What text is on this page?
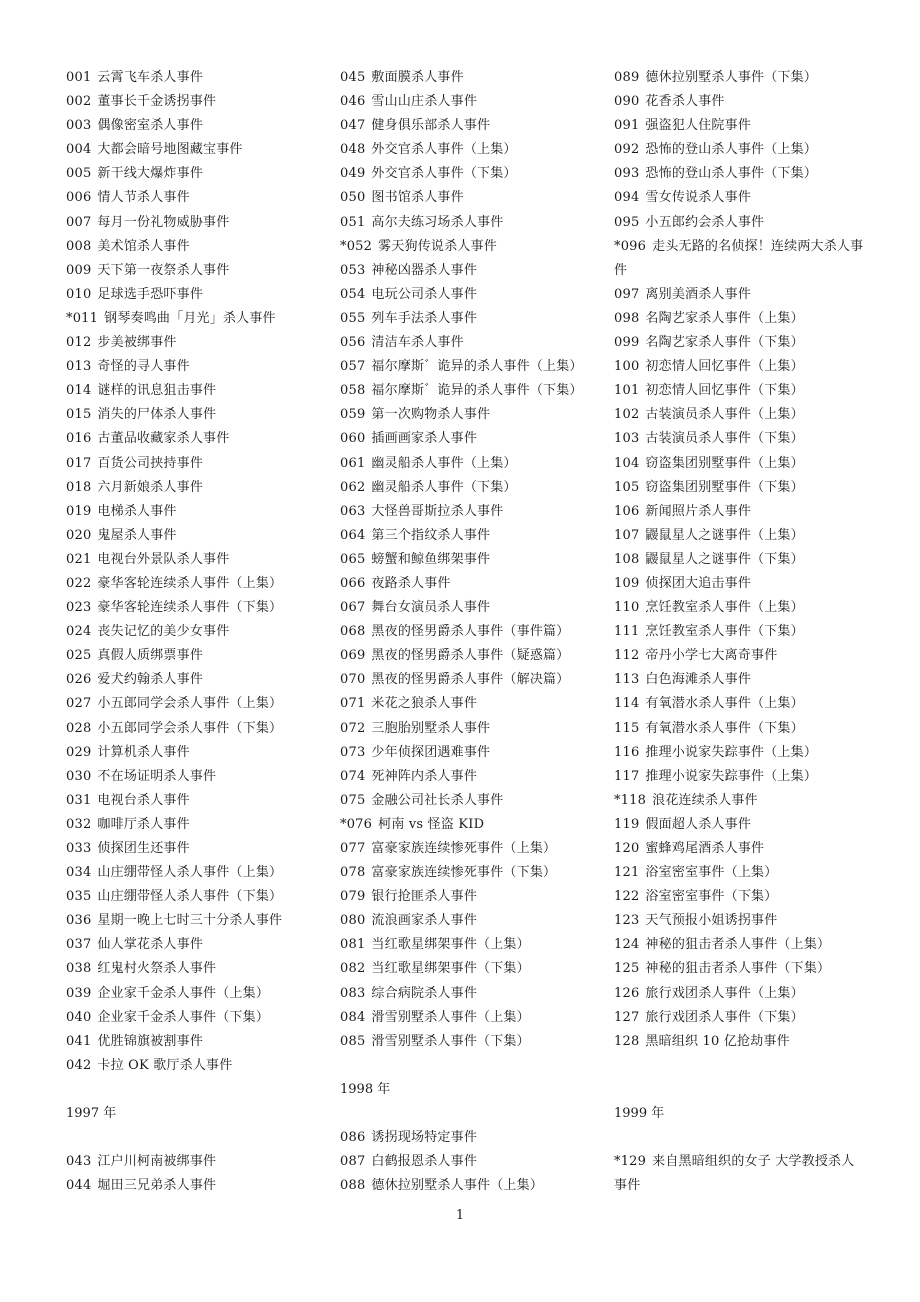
001 云霄飞车杀人事件
002 董事长千金诱拐事件
003 偶像密室杀人事件
004 大都会暗号地图藏宝事件
005 新干线大爆炸事件
006 情人节杀人事件
007 每月一份礼物威胁事件
008 美术馆杀人事件
009 天下第一夜祭杀人事件
010 足球选手恐吓事件
*011 钢琴奏鸣曲「月光」杀人事件
012 步美被绑事件
013 奇怪的寻人事件
014 谜样的讯息狙击事件
015 消失的尸体杀人事件
016 古董品收藏家杀人事件
017 百货公司挟持事件
018 六月新娘杀人事件
019 电梯杀人事件
020 鬼屋杀人事件
021 电视台外景队杀人事件
022 豪华客轮连续杀人事件（上集）
023 豪华客轮连续杀人事件（下集）
024 丧失记忆的美少女事件
025 真假人质绑票事件
026 爱犬约翰杀人事件
027 小五郎同学会杀人事件（上集）
028 小五郎同学会杀人事件（下集）
029 计算机杀人事件
030 不在场证明杀人事件
031 电视台杀人事件
032 咖啡厅杀人事件
033 侦探团生还事件
034 山庄绷带怪人杀人事件（上集）
035 山庄绷带怪人杀人事件（下集）
036 星期一晚上七时三十分杀人事件
037 仙人掌花杀人事件
038 红鬼村火祭杀人事件
039 企业家千金杀人事件（上集）
040 企业家千金杀人事件（下集）
041 优胜锦旗被割事件
042 卡拉 OK 歌厅杀人事件
1997 年
043 江户川柯南被绑事件
044 堀田三兄弟杀人事件
045 敷面膜杀人事件
046 雪山山庄杀人事件
047 健身俱乐部杀人事件
048 外交官杀人事件（上集）
049 外交官杀人事件（下集）
050 图书馆杀人事件
051 高尔夫练习场杀人事件
*052 雾天狗传说杀人事件
053 神秘凶器杀人事件
054 电玩公司杀人事件
055 列车手法杀人事件
056 清洁车杀人事件
057 福尔摩斯゛诡异的杀人事件（上集）
058 福尔摩斯゛诡异的杀人事件（下集）
059 第一次购物杀人事件
060 插画画家杀人事件
061 幽灵船杀人事件（上集）
062 幽灵船杀人事件（下集）
063 大怪兽哥斯拉杀人事件
064 第三个指纹杀人事件
065 螃蟹和鲸鱼绑架事件
066 夜路杀人事件
067 舞台女演员杀人事件
068 黑夜的怪男爵杀人事件（事件篇）
069 黑夜的怪男爵杀人事件（疑惑篇）
070 黑夜的怪男爵杀人事件（解决篇）
071 米花之狼杀人事件
072 三胞胎别墅杀人事件
073 少年侦探团遇难事件
074 死神阵内杀人事件
075 金融公司社长杀人事件
*076 柯南 vs 怪盗 KID
077 富豪家族连续惨死事件（上集）
078 富豪家族连续惨死事件（下集）
079 银行抢匪杀人事件
080 流浪画家杀人事件
081 当红歌星绑架事件（上集）
082 当红歌星绑架事件（下集）
083 综合病院杀人事件
084 滑雪别墅杀人事件（上集）
085 滑雪别墅杀人事件（下集）
1998 年
086 诱拐现场特定事件
087 白鹤报恩杀人事件
088 德休拉别墅杀人事件（上集）
089 德休拉别墅杀人事件（下集）
090 花香杀人事件
091 强盗犯人住院事件
092 恐怖的登山杀人事件（上集）
093 恐怖的登山杀人事件（下集）
094 雪女传说杀人事件
095 小五郎约会杀人事件
*096 走头无路的名侦探！连续两大杀人事件
097 离别美酒杀人事件
098 名陶艺家杀人事件（上集）
099 名陶艺家杀人事件（下集）
100 初恋情人回忆事件（上集）
101 初恋情人回忆事件（下集）
102 古装演员杀人事件（上集）
103 古装演员杀人事件（下集）
104 窃盗集团别墅事件（上集）
105 窃盗集团别墅事件（下集）
106 新闻照片杀人事件
107 鼹鼠星人之谜事件（上集）
108 鼹鼠星人之谜事件（下集）
109 侦探团大追击事件
110 烹饪教室杀人事件（上集）
111 烹饪教室杀人事件（下集）
112 帝丹小学七大离奇事件
113 白色海滩杀人事件
114 有氧潜水杀人事件（上集）
115 有氧潜水杀人事件（下集）
116 推理小说家失踪事件（上集）
117 推理小说家失踪事件（上集）
*118 浪花连续杀人事件
119 假面超人杀人事件
120 蜜蜂鸡尾酒杀人事件
121 浴室密室事件（上集）
122 浴室密室事件（下集）
123 天气预报小姐诱拐事件
124 神秘的狙击者杀人事件（上集）
125 神秘的狙击者杀人事件（下集）
126 旅行戏团杀人事件（上集）
127 旅行戏团杀人事件（下集）
128 黑暗组织 10 亿抢劫事件
1999 年
*129 来自黑暗组织的女子 大学教授杀人事件
1
